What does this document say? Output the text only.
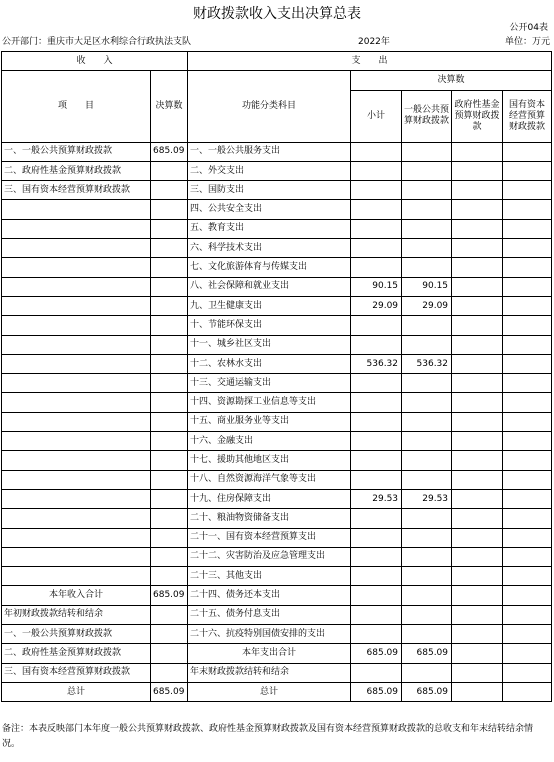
财政拨款收入支出决算总表
公开04表
公开部门：重庆市大足区水利综合行政执法支队	2022年	单位：万元
收　　入		支　　出				
项　　目	决算数	功能分类科目	决算数			
			小计	一般公共预算财政拨款	政府性基金预算财政拨款	国有资本经营预算财政拨款
一、一般公共预算财政拨款	685.09	一、一般公共服务支出				
二、政府性基金预算财政拨款		二、外交支出				
三、国有资本经营预算财政拨款		三、国防支出				
		四、公共安全支出				
		五、教育支出				
		六、科学技术支出				
		七、文化旅游体育与传媒支出				
		八、社会保障和就业支出	90.15	90.15		
		九、卫生健康支出	29.09	29.09		
		十、节能环保支出				
		十一、城乡社区支出				
		十二、农林水支出	536.32	536.32		
		十三、交通运输支出				
		十四、资源勘探工业信息等支出				
		十五、商业服务业等支出				
		十六、金融支出				
		十七、援助其他地区支出				
		十八、自然资源海洋气象等支出				
		十九、住房保障支出	29.53	29.53		
		二十、粮油物资储备支出				
		二十一、国有资本经营预算支出				
		二十二、灾害防治及应急管理支出				
		二十三、其他支出				
本年收入合计	685.09	二十四、债务还本支出				
年初财政拨款结转和结余		二十五、债务付息支出				
一、一般公共预算财政拨款		二十六、抗疫特别国债安排的支出				
二、政府性基金预算财政拨款		本年支出合计	685.09	685.09		
三、国有资本经营预算财政拨款		年末财政拨款结转和结余				
总计	685.09	总计	685.09	685.09		
备注：本表反映部门本年度一般公共预算财政拨款、政府性基金预算财政拨款及国有资本经营预算财政拨款的总收支和年末结转结余情况。
